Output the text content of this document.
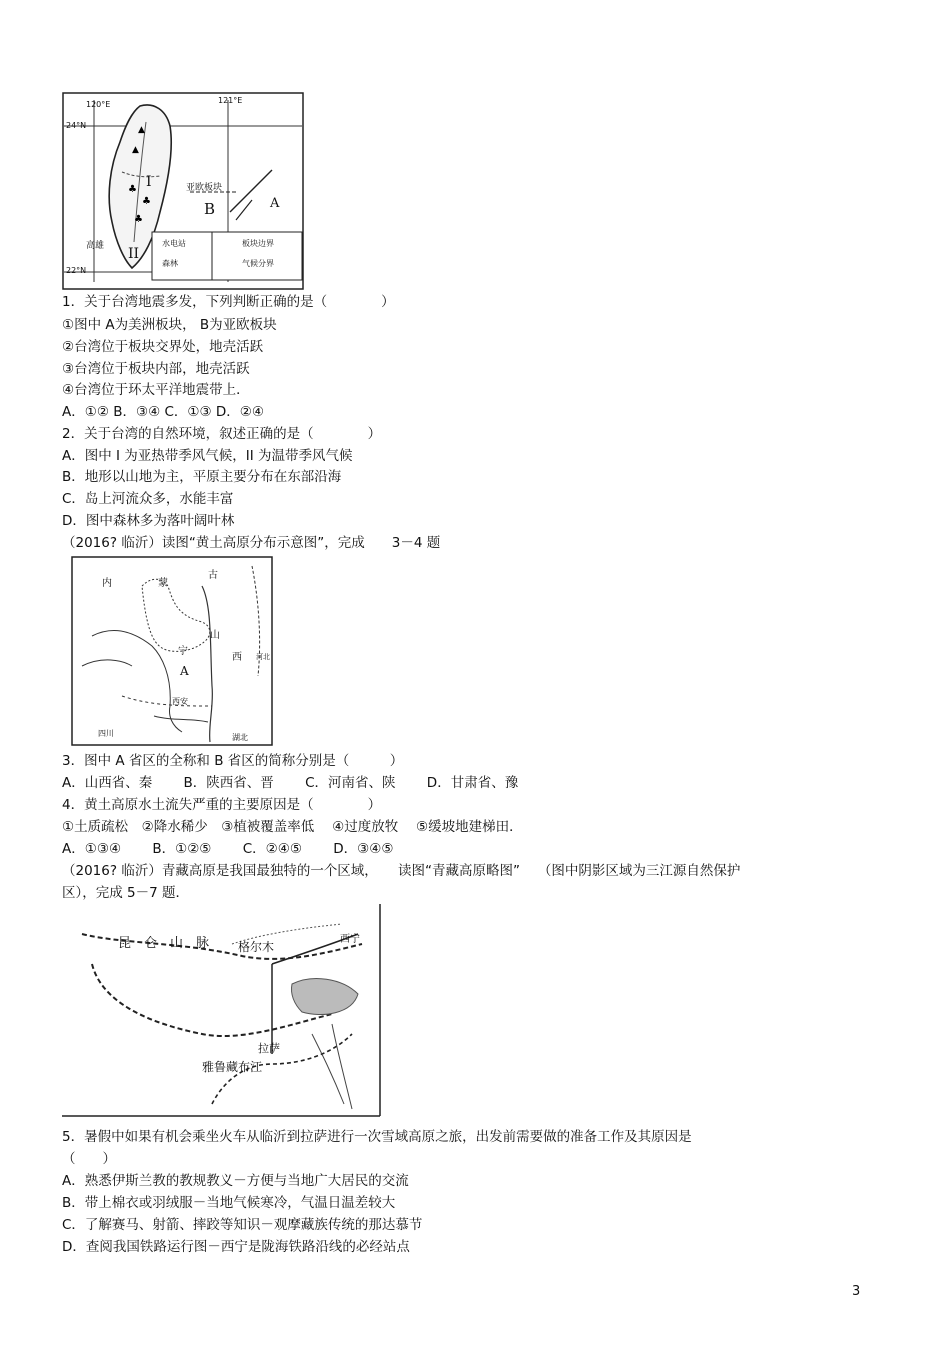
▲
▲
♣
♣
♣
120°E	121°E
24°N
22°N
I
II
亚欧板块
B	A
高雄	水电站
森林
板块边界
气候分界
1．关于台湾地震多发，下列判断正确的是（　　　　）
①图中 A为美洲板块， B为亚欧板块
②台湾位于板块交界处，地壳活跃
③台湾位于板块内部，地壳活跃
④台湾位于环太平洋地震带上．
A．①② B．③④ C．①③ D．②④
2．关于台湾的自然环境，叙述正确的是（　　　　）
A．图中 I 为亚热带季风气候，II 为温带季风气候
B．地形以山地为主，平原主要分布在东部沿海
C．岛上河流众多，水能丰富
D．图中森林多为落叶阔叶林
（2016? 临沂）读图“黄土高原分布示意图”，完成　　3－4 题
内	蒙
古
山
西
A
宁
西安
四川	湖北
河北
3．图中 A 省区的全称和 B 省区的简称分别是（　　　）
A．山西省、秦　　 B．陕西省、晋　　 C．河南省、陕　　 D．甘肃省、豫
4．黄土高原水土流失严重的主要原因是（　　　　）
①土质疏松　②降水稀少　③植被覆盖率低　 ④过度放牧　 ⑤缓坡地建梯田．
A．①③④　　 B．①②⑤　　 C．②④⑤　　 D．③④⑤
（2016? 临沂）青藏高原是我国最独特的一个区域，　　读图“青藏高原略图”　 （图中阴影区域为三江源自然保护
区），完成 5－7 题．
昆　仑　山　脉 格尔木
西宁
拉萨
雅鲁藏布江
5．暑假中如果有机会乘坐火车从临沂到拉萨进行一次雪域高原之旅，出发前需要做的准备工作及其原因是
（　　）
A．熟悉伊斯兰教的教规教义－方便与当地广大居民的交流
B．带上棉衣或羽绒服－当地气候寒冷，气温日温差较大
C．了解赛马、射箭、摔跤等知识－观摩藏族传统的那达慕节
D．查阅我国铁路运行图－西宁是陇海铁路沿线的必经站点
3
